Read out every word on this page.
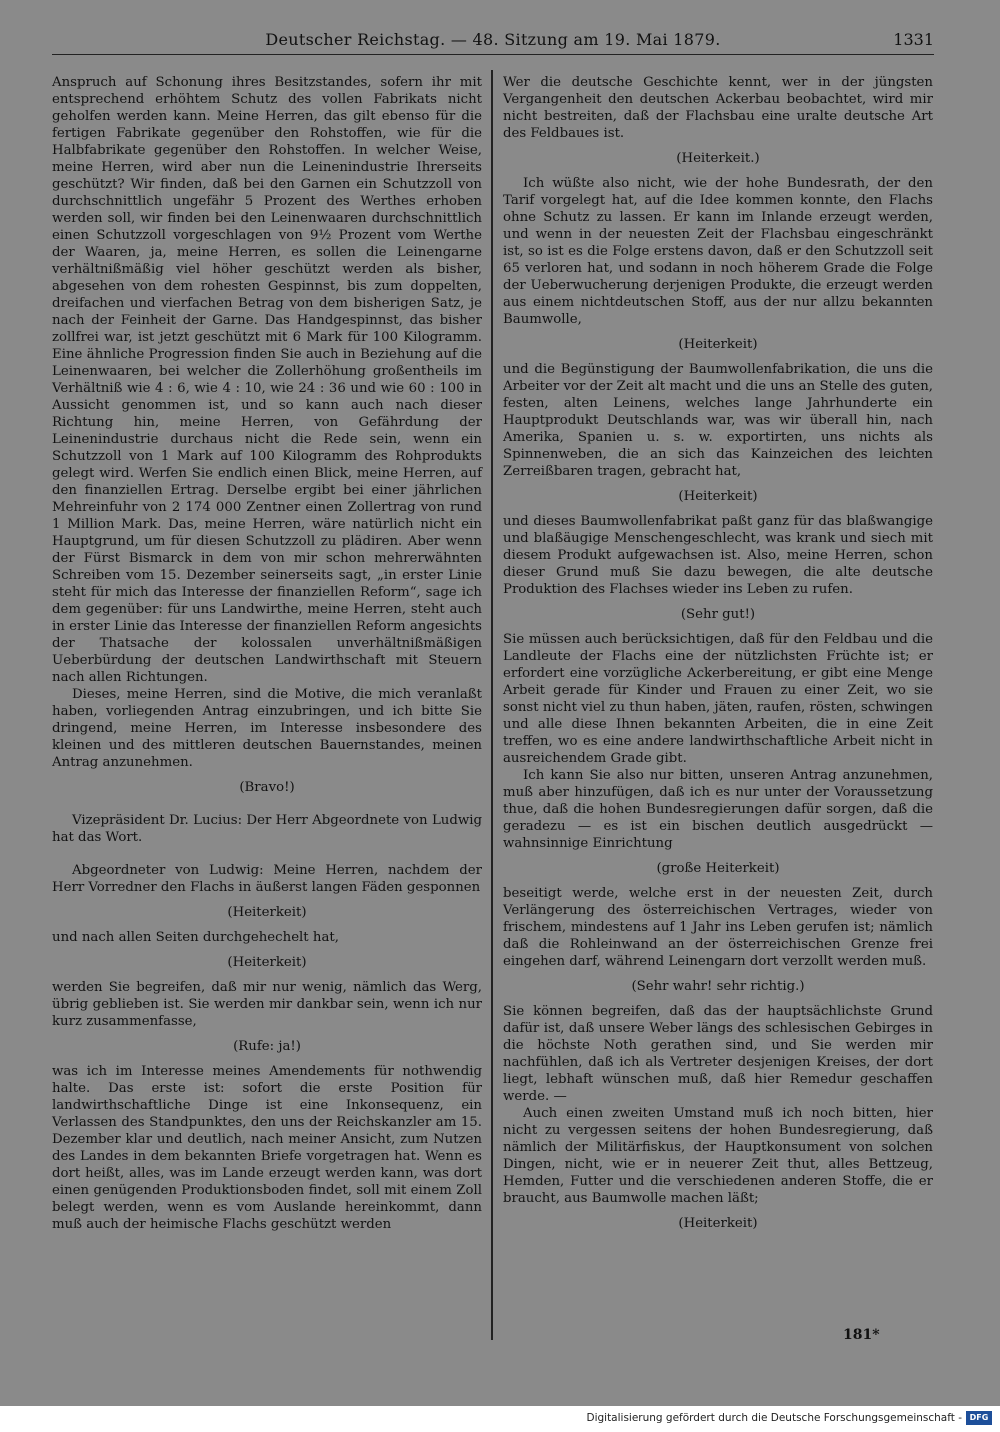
Deutscher Reichstag. — 48. Sitzung am 19. Mai 1879.	1331

Anspruch auf Schonung ihres Besitzstandes, sofern ihr mit entsprechend erhöhtem Schutz des vollen Fabrikats nicht geholfen werden kann. Meine Herren, das gilt ebenso für die fertigen Fabrikate gegenüber den Rohstoffen, wie für die Halbfabrikate gegenüber den Rohstoffen. In welcher Weise, meine Herren, wird aber nun die Leinenindustrie Ihrerseits geschützt? Wir finden, daß bei den Garnen ein Schutzzoll von durchschnittlich ungefähr 5 Prozent des Werthes erhoben werden soll, wir finden bei den Leinenwaaren durchschnittlich einen Schutzzoll vorgeschlagen von 9½ Prozent vom Werthe der Waaren, ja, meine Herren, es sollen die Leinengarne verhältnißmäßig viel höher geschützt werden als bisher, abgesehen von dem rohesten Gespinnst, bis zum doppelten, dreifachen und vierfachen Betrag von dem bisherigen Satz, je nach der Feinheit der Garne. Das Handgespinnst, das bisher zollfrei war, ist jetzt geschützt mit 6 Mark für 100 Kilogramm. Eine ähnliche Progression finden Sie auch in Beziehung auf die Leinenwaaren, bei welcher die Zollerhöhung großentheils im Verhältniß wie 4 : 6, wie 4 : 10, wie 24 : 36 und wie 60 : 100 in Aussicht genommen ist, und so kann auch nach dieser Richtung hin, meine Herren, von Gefährdung der Leinenindustrie durchaus nicht die Rede sein, wenn ein Schutzzoll von 1 Mark auf 100 Kilogramm des Rohprodukts gelegt wird. Werfen Sie endlich einen Blick, meine Herren, auf den finanziellen Ertrag. Derselbe ergibt bei einer jährlichen Mehreinfuhr von 2 174 000 Zentner einen Zollertrag von rund 1 Million Mark. Das, meine Herren, wäre natürlich nicht ein Hauptgrund, um für diesen Schutzzoll zu plädiren. Aber wenn der Fürst Bismarck in dem von mir schon mehrerwähnten Schreiben vom 15. Dezember seinerseits sagt, „in erster Linie steht für mich das Interesse der finanziellen Reform“, sage ich dem gegenüber: für uns Landwirthe, meine Herren, steht auch in erster Linie das Interesse der finanziellen Reform angesichts der Thatsache der kolossalen unverhältnißmäßigen Ueberbürdung der deutschen Landwirthschaft mit Steuern nach allen Richtungen.

Dieses, meine Herren, sind die Motive, die mich veranlaßt haben, vorliegenden Antrag einzubringen, und ich bitte Sie dringend, meine Herren, im Interesse insbesondere des kleinen und des mittleren deutschen Bauernstandes, meinen Antrag anzunehmen.

(Bravo!)

Vizepräsident Dr. Lucius: Der Herr Abgeordnete von Ludwig hat das Wort.

Abgeordneter von Ludwig: Meine Herren, nachdem der Herr Vorredner den Flachs in äußerst langen Fäden gesponnen

(Heiterkeit)

und nach allen Seiten durchgehechelt hat,

(Heiterkeit)

werden Sie begreifen, daß mir nur wenig, nämlich das Werg, übrig geblieben ist. Sie werden mir dankbar sein, wenn ich nur kurz zusammenfasse,

(Rufe: ja!)

was ich im Interesse meines Amendements für nothwendig halte. Das erste ist: sofort die erste Position für landwirthschaftliche Dinge ist eine Inkonsequenz, ein Verlassen des Standpunktes, den uns der Reichskanzler am 15. Dezember klar und deutlich, nach meiner Ansicht, zum Nutzen des Landes in dem bekannten Briefe vorgetragen hat. Wenn es dort heißt, alles, was im Lande erzeugt werden kann, was dort einen genügenden Produktionsboden findet, soll mit einem Zoll belegt werden, wenn es vom Auslande hereinkommt, dann muß auch der heimische Flachs geschützt werden

Wer die deutsche Geschichte kennt, wer in der jüngsten Vergangenheit den deutschen Ackerbau beobachtet, wird mir nicht bestreiten, daß der Flachsbau eine uralte deutsche Art des Feldbaues ist.

(Heiterkeit.)

Ich wüßte also nicht, wie der hohe Bundesrath, der den Tarif vorgelegt hat, auf die Idee kommen konnte, den Flachs ohne Schutz zu lassen. Er kann im Inlande erzeugt werden, und wenn in der neuesten Zeit der Flachsbau eingeschränkt ist, so ist es die Folge erstens davon, daß er den Schutzzoll seit 65 verloren hat, und sodann in noch höherem Grade die Folge der Ueberwucherung derjenigen Produkte, die erzeugt werden aus einem nichtdeutschen Stoff, aus der nur allzu bekannten Baumwolle,

(Heiterkeit)

und die Begünstigung der Baumwollenfabrikation, die uns die Arbeiter vor der Zeit alt macht und die uns an Stelle des guten, festen, alten Leinens, welches lange Jahrhunderte ein Hauptprodukt Deutschlands war, was wir überall hin, nach Amerika, Spanien u. s. w. exportirten, uns nichts als Spinnenweben, die an sich das Kainzeichen des leichten Zerreißbaren tragen, gebracht hat,

(Heiterkeit)

und dieses Baumwollenfabrikat paßt ganz für das blaßwangige und blaßäugige Menschengeschlecht, was krank und siech mit diesem Produkt aufgewachsen ist. Also, meine Herren, schon dieser Grund muß Sie dazu bewegen, die alte deutsche Produktion des Flachses wieder ins Leben zu rufen.

(Sehr gut!)

Sie müssen auch berücksichtigen, daß für den Feldbau und die Landleute der Flachs eine der nützlichsten Früchte ist; er erfordert eine vorzügliche Ackerbereitung, er gibt eine Menge Arbeit gerade für Kinder und Frauen zu einer Zeit, wo sie sonst nicht viel zu thun haben, jäten, raufen, rösten, schwingen und alle diese Ihnen bekannten Arbeiten, die in eine Zeit treffen, wo es eine andere landwirthschaftliche Arbeit nicht in ausreichendem Grade gibt.

Ich kann Sie also nur bitten, unseren Antrag anzunehmen, muß aber hinzufügen, daß ich es nur unter der Voraussetzung thue, daß die hohen Bundesregierungen dafür sorgen, daß die geradezu — es ist ein bischen deutlich ausgedrückt — wahnsinnige Einrichtung

(große Heiterkeit)

beseitigt werde, welche erst in der neuesten Zeit, durch Verlängerung des österreichischen Vertrages, wieder von frischem, mindestens auf 1 Jahr ins Leben gerufen ist; nämlich daß die Rohleinwand an der österreichischen Grenze frei eingehen darf, während Leinengarn dort verzollt werden muß.

(Sehr wahr! sehr richtig.)

Sie können begreifen, daß das der hauptsächlichste Grund dafür ist, daß unsere Weber längs des schlesischen Gebirges in die höchste Noth gerathen sind, und Sie werden mir nachfühlen, daß ich als Vertreter desjenigen Kreises, der dort liegt, lebhaft wünschen muß, daß hier Remedur geschaffen werde. —

Auch einen zweiten Umstand muß ich noch bitten, hier nicht zu vergessen seitens der hohen Bundesregierung, daß nämlich der Militärfiskus, der Hauptkonsument von solchen Dingen, nicht, wie er in neuerer Zeit thut, alles Bettzeug, Hemden, Futter und die verschiedenen anderen Stoffe, die er braucht, aus Baumwolle machen läßt;

(Heiterkeit)

181*
Digitalisierung gefördert durch die Deutsche Forschungsgemeinschaft - DFG
